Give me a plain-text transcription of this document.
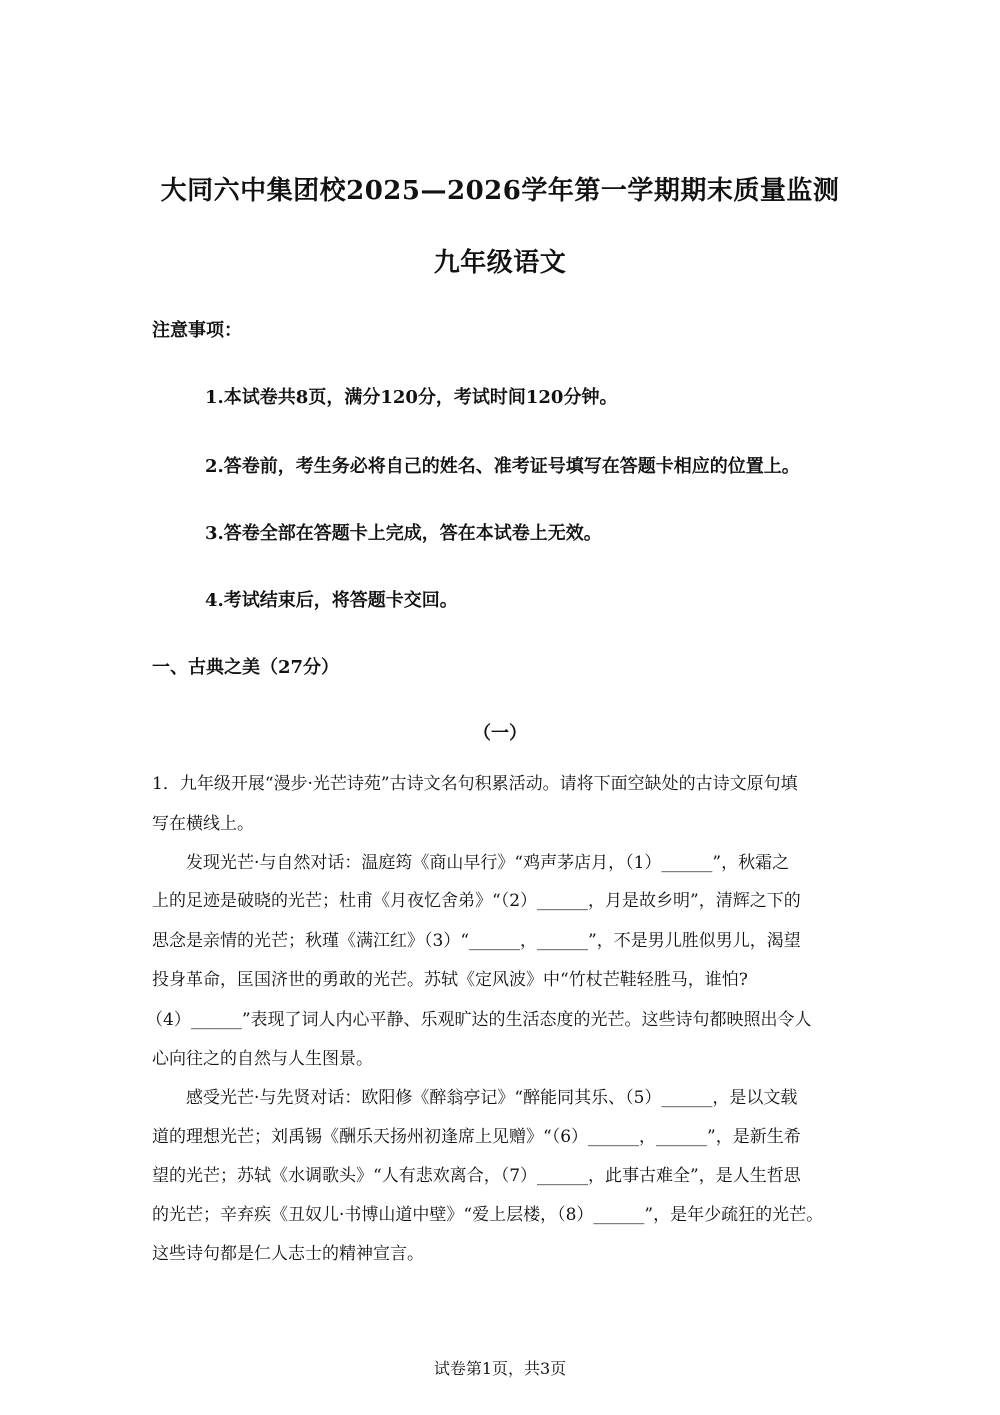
大同六中集团校2025—2026学年第一学期期末质量监测
九年级语文
注意事项：
1.本试卷共8页，满分120分，考试时间120分钟。
2.答卷前，考生务必将自己的姓名、准考证号填写在答题卡相应的位置上。
3.答卷全部在答题卡上完成，答在本试卷上无效。
4.考试结束后，将答题卡交回。
一、古典之美（27分）
（一）
1．九年级开展“漫步·光芒诗苑”古诗文名句积累活动。请将下面空缺处的古诗文原句填
写在横线上。
　　发现光芒·与自然对话：温庭筠《商山早行》“鸡声茅店月，（1）______”，秋霜之
上的足迹是破晓的光芒；杜甫《月夜忆舍弟》“（2）______，月是故乡明”，清辉之下的
思念是亲情的光芒；秋瑾《满江红》（3）“______，______”，不是男儿胜似男儿，渴望
投身革命，匡国济世的勇敢的光芒。苏轼《定风波》中“竹杖芒鞋轻胜马，谁怕?
（4）______”表现了词人内心平静、乐观旷达的生活态度的光芒。这些诗句都映照出令人
心向往之的自然与人生图景。
　　感受光芒·与先贤对话：欧阳修《醉翁亭记》“醉能同其乐、（5）______，是以文载
道的理想光芒；刘禹锡《酬乐天扬州初逢席上见赠》“（6）______，______”，是新生希
望的光芒；苏轼《水调歌头》“人有悲欢离合，（7）______，此事古难全”，是人生哲思
的光芒；辛弃疾《丑奴儿·书博山道中壁》“爱上层楼，（8）______”，是年少疏狂的光芒。
这些诗句都是仁人志士的精神宣言。
试卷第1页，共3页
